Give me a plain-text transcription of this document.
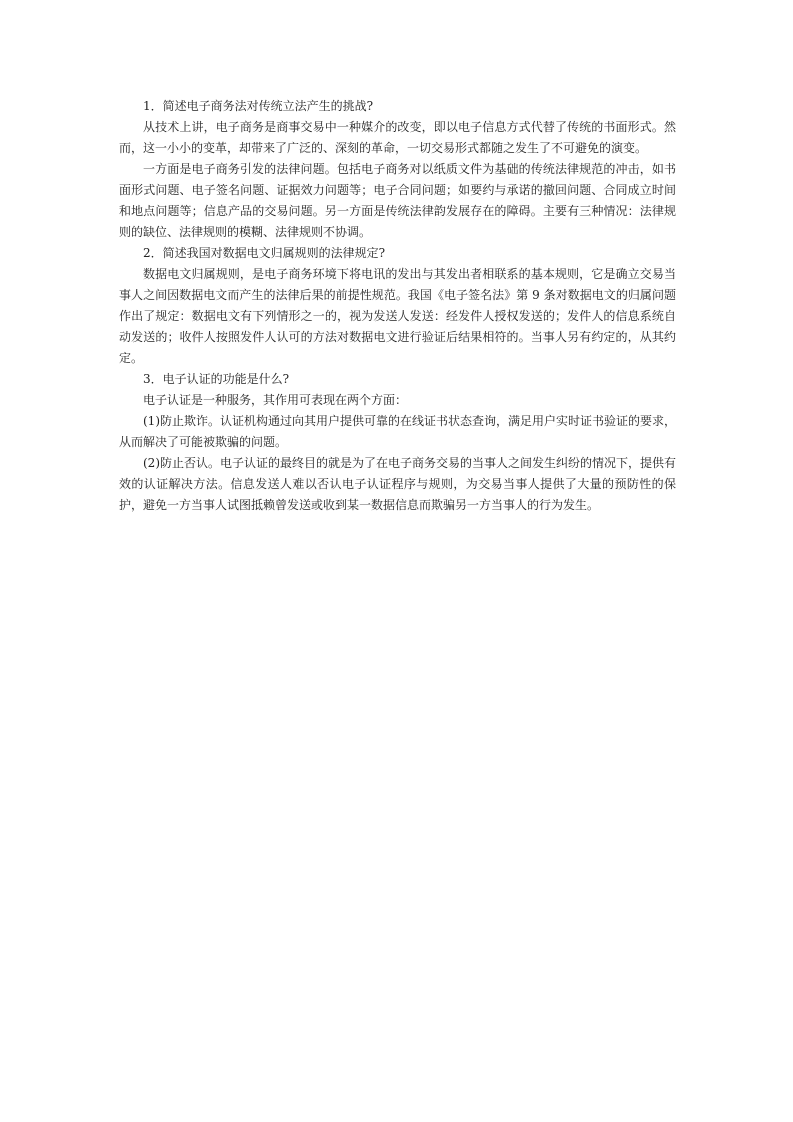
1．简述电子商务法对传统立法产生的挑战?

从技术上讲，电子商务是商事交易中一种媒介的改变，即以电子信息方式代替了传统的书面形式。然而，这一小小的变革，却带来了广泛的、深刻的革命，一切交易形式都随之发生了不可避免的演变。

一方面是电子商务引发的法律问题。包括电子商务对以纸质文件为基础的传统法律规范的冲击，如书面形式问题、电子签名问题、证据效力问题等；电子合同问题；如要约与承诺的撤回问题、合同成立时间和地点问题等；信息产品的交易问题。另一方面是传统法律韵发展存在的障碍。主要有三种情况：法律规则的缺位、法律规则的模糊、法律规则不协调。

2．简述我国对数据电文归属规则的法律规定?

数据电文归属规则，是电子商务环境下将电讯的发出与其发出者相联系的基本规则，它是确立交易当事人之间因数据电文而产生的法律后果的前提性规范。我国《电子签名法》第 9 条对数据电文的归属问题作出了规定：数据电文有下列情形之一的，视为发送人发送：经发件人授权发送的；发件人的信息系统自动发送的；收件人按照发件人认可的方法对数据电文进行验证后结果相符的。当事人另有约定的，从其约定。

3．电子认证的功能是什么?

电子认证是一种服务，其作用可表现在两个方面：

(1)防止欺诈。认证机构通过向其用户提供可靠的在线证书状态查询，满足用户实时证书验证的要求，从而解决了可能被欺骗的问题。

(2)防止否认。电子认证的最终目的就是为了在电子商务交易的当事人之间发生纠纷的情况下，提供有效的认证解决方法。信息发送人难以否认电子认证程序与规则，为交易当事人提供了大量的预防性的保护，避免一方当事人试图抵赖曾发送或收到某一数据信息而欺骗另一方当事人的行为发生。
